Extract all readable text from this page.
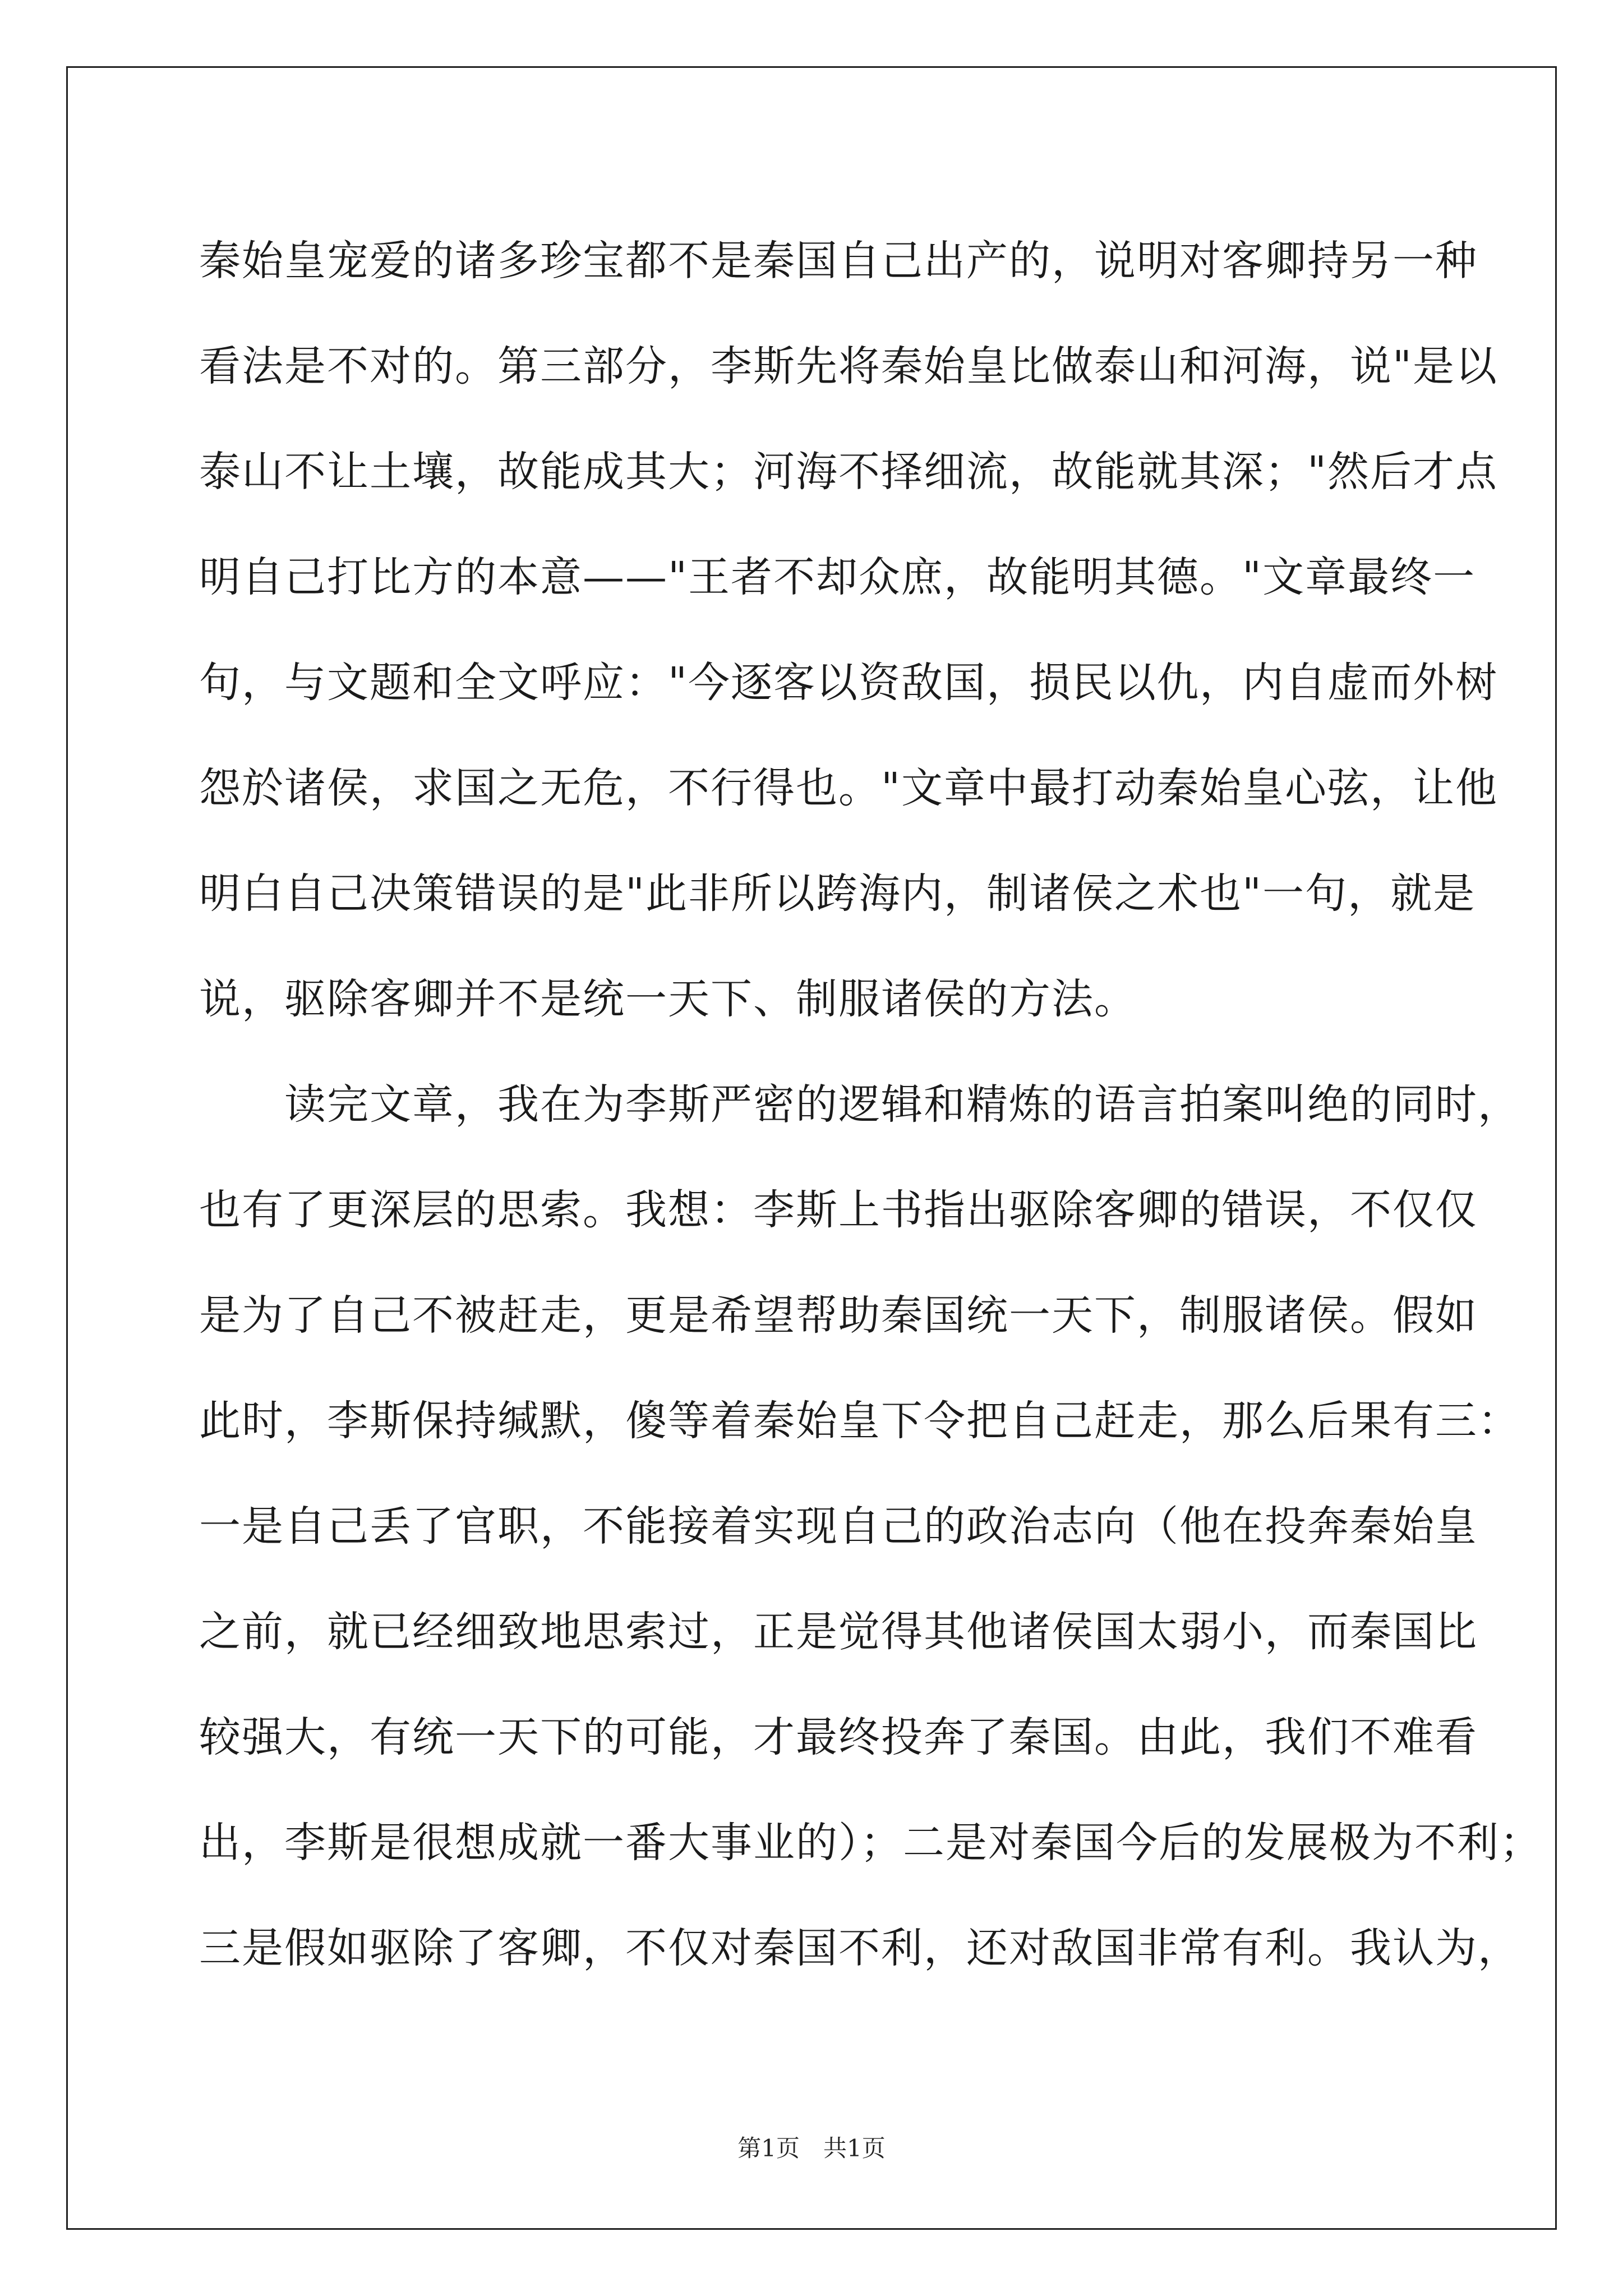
秦始皇宠爱的诸多珍宝都不是秦国自己出产的，说明对客卿持另一种
看法是不对的。第三部分，李斯先将秦始皇比做泰山和河海，说"是以
泰山不让土壤，故能成其大；河海不择细流，故能就其深；"然后才点
明自己打比方的本意——"王者不却众庶，故能明其德。"文章最终一
句，与文题和全文呼应："今逐客以资敌国，损民以仇，内自虚而外树
怨於诸侯，求国之无危，不行得也。"文章中最打动秦始皇心弦，让他
明白自己决策错误的是"此非所以跨海内，制诸侯之术也"一句，就是
说，驱除客卿并不是统一天下、制服诸侯的方法。
　　读完文章，我在为李斯严密的逻辑和精炼的语言拍案叫绝的同时，
也有了更深层的思索。我想：李斯上书指出驱除客卿的错误，不仅仅
是为了自己不被赶走，更是希望帮助秦国统一天下，制服诸侯。假如
此时，李斯保持缄默，傻等着秦始皇下令把自己赶走，那么后果有三：
一是自己丢了官职，不能接着实现自己的政治志向（他在投奔秦始皇
之前，就已经细致地思索过，正是觉得其他诸侯国太弱小，而秦国比
较强大，有统一天下的可能，才最终投奔了秦国。由此，我们不难看
出，李斯是很想成就一番大事业的）；二是对秦国今后的发展极为不利；
三是假如驱除了客卿，不仅对秦国不利，还对敌国非常有利。我认为，
第1页　共1页
